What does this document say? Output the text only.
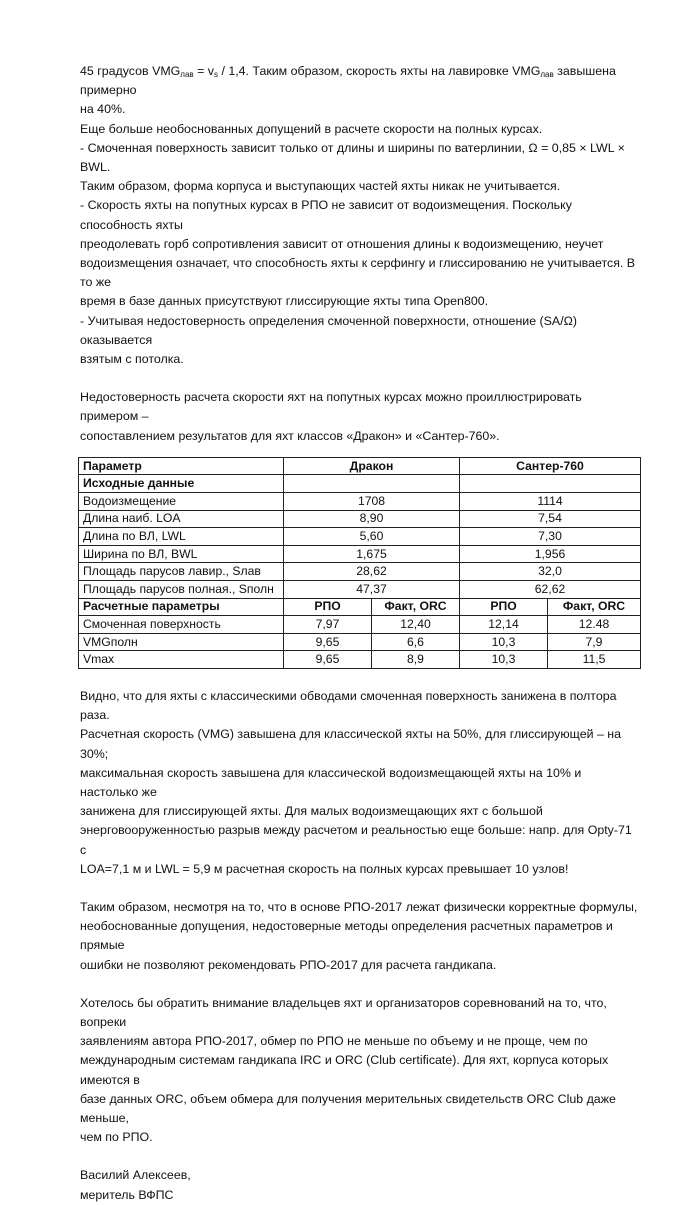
45 градусов $VMG_{лав} = v_s / 1,4$. Таким образом, скорость яхты на лавировке $VMG_{лав}$ завышена примерно

на 40%.

Еще больше необоснованных допущений в расчете скорости на полных курсах.

- Смоченная поверхность зависит только от длины и ширины по ватерлинии, Ω = 0,85 × LWL × BWL.

Таким образом, форма корпуса и выступающих частей яхты никак не учитывается.

- Скорость яхты на попутных курсах в РПО не зависит от водоизмещения. Поскольку способность яхты

преодолевать горб сопротивления зависит от отношения длины к водоизмещению, неучет

водоизмещения означает, что способность яхты к серфингу и глиссированию не учитывается. В то же

время в базе данных присутствуют глиссирующие яхты типа Open800.

- Учитывая недостоверность определения смоченной поверхности, отношение (SA/Ω) оказывается

взятым с потолка.

Недостоверность расчета скорости яхт на попутных курсах можно проиллюстрировать примером –

сопоставлением результатов для яхт классов «Дракон» и «Сантер-760».

Параметр	Дракон		Сантер-760	
Исходные данные				
Водоизмещение	1708		1114	
Длина наиб. LOA	8,90		7,54	
Длина по ВЛ, LWL	5,60		7,30	
Ширина по ВЛ, BWL	1,675		1,956	
Площадь парусов лавир., Sлав	28,62		32,0	
Площадь парусов полная., Sполн	47,37		62,62	
Расчетные параметры	РПО	Факт, ORC	РПО	Факт, ORC
Смоченная поверхность	7,97	12,40	12,14	12.48
VMGполн	9,65	6,6	10,3	7,9
Vmax	9,65	8,9	10,3	11,5

Видно, что для яхты с классическими обводами смоченная поверхность занижена в полтора раза.

Расчетная скорость (VMG) завышена для классической яхты на 50%, для глиссирующей – на 30%;

максимальная скорость завышена для классической водоизмещающей яхты на 10% и настолько же

занижена для глиссирующей яхты. Для малых водоизмещающих яхт с большой

энерговооруженностью разрыв между расчетом и реальностью еще больше: напр. для Opty-71 с

LOA=7,1 м и LWL = 5,9 м расчетная скорость на полных курсах превышает 10 узлов!

Таким образом, несмотря на то, что в основе РПО-2017 лежат физически корректные формулы,

необоснованные допущения, недостоверные методы определения расчетных параметров и прямые

ошибки не позволяют рекомендовать РПО-2017 для расчета гандикапа.

Хотелось бы обратить внимание владельцев яхт и организаторов соревнований на то, что, вопреки

заявлениям автора РПО-2017, обмер по РПО не меньше по объему и не проще, чем по

международным системам гандикапа IRC и ORC (Club certificate). Для яхт, корпуса которых имеются в

базе данных ORC, объем обмера для получения мерительных свидетельств ORC Club даже меньше,

чем по РПО.

Василий Алексеев,

меритель ВФПС
